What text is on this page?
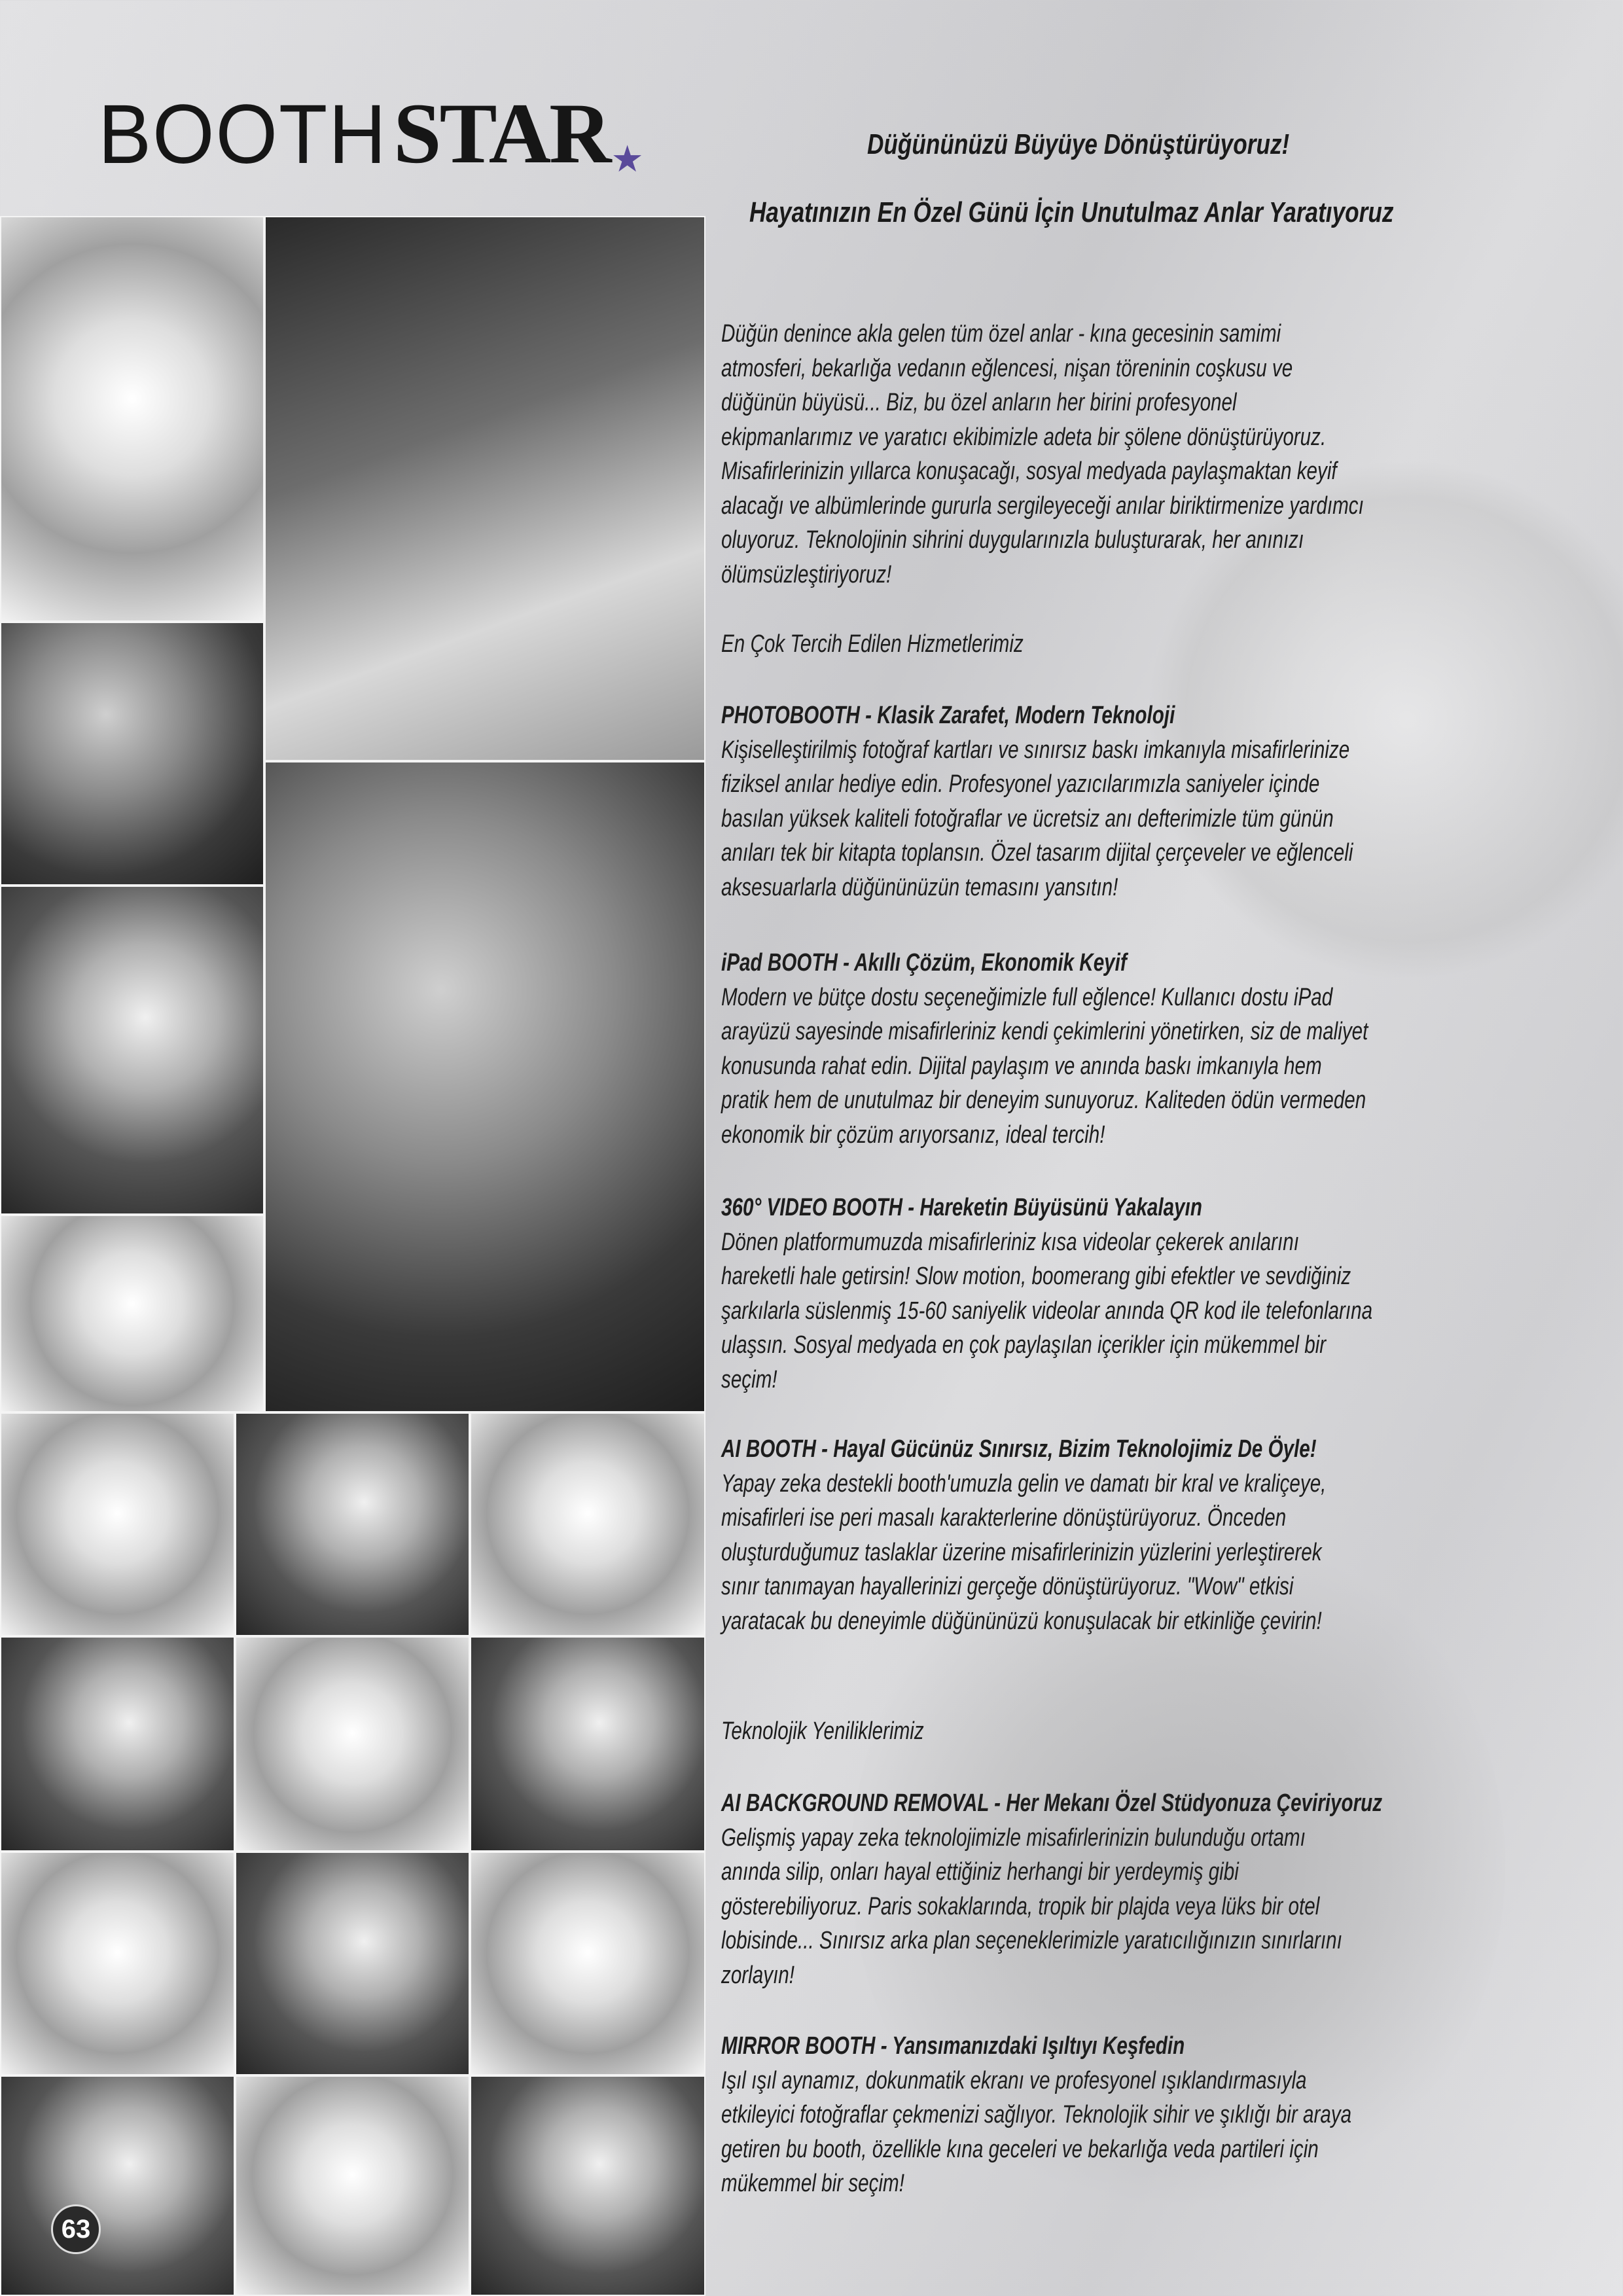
BOOTH STAR ★	Düğününüzü Büyüye Dönüştürüyoruz!
Hayatınızın En Özel Günü İçin Unutulmaz Anlar Yaratıyoruz
63
Düğün denince akla gelen tüm özel anlar - kına gecesinin samimi
atmosferi, bekarlığa vedanın eğlencesi, nişan töreninin coşkusu ve
düğünün büyüsü... Biz, bu özel anların her birini profesyonel
ekipmanlarımız ve yaratıcı ekibimizle adeta bir şölene dönüştürüyoruz.
Misafirlerinizin yıllarca konuşacağı, sosyal medyada paylaşmaktan keyif
alacağı ve albümlerinde gururla sergileyeceği anılar biriktirmenize yardımcı
oluyoruz. Teknolojinin sihrini duygularınızla buluşturarak, her anınızı
ölümsüzleştiriyoruz!
En Çok Tercih Edilen Hizmetlerimiz
PHOTOBOOTH - Klasik Zarafet, Modern Teknoloji
Kişiselleştirilmiş fotoğraf kartları ve sınırsız baskı imkanıyla misafirlerinize
fiziksel anılar hediye edin. Profesyonel yazıcılarımızla saniyeler içinde
basılan yüksek kaliteli fotoğraflar ve ücretsiz anı defterimizle tüm günün
anıları tek bir kitapta toplansın. Özel tasarım dijital çerçeveler ve eğlenceli
aksesuarlarla düğününüzün temasını yansıtın!
iPad BOOTH - Akıllı Çözüm, Ekonomik Keyif
Modern ve bütçe dostu seçeneğimizle full eğlence! Kullanıcı dostu iPad
arayüzü sayesinde misafirleriniz kendi çekimlerini yönetirken, siz de maliyet
konusunda rahat edin. Dijital paylaşım ve anında baskı imkanıyla hem
pratik hem de unutulmaz bir deneyim sunuyoruz. Kaliteden ödün vermeden
ekonomik bir çözüm arıyorsanız, ideal tercih!
360° VIDEO BOOTH - Hareketin Büyüsünü Yakalayın
Dönen platformumuzda misafirleriniz kısa videolar çekerek anılarını
hareketli hale getirsin! Slow motion, boomerang gibi efektler ve sevdiğiniz
şarkılarla süslenmiş 15-60 saniyelik videolar anında QR kod ile telefonlarına
ulaşsın. Sosyal medyada en çok paylaşılan içerikler için mükemmel bir
seçim!
AI BOOTH - Hayal Gücünüz Sınırsız, Bizim Teknolojimiz De Öyle!
Yapay zeka destekli booth'umuzla gelin ve damatı bir kral ve kraliçeye,
misafirleri ise peri masalı karakterlerine dönüştürüyoruz. Önceden
oluşturduğumuz taslaklar üzerine misafirlerinizin yüzlerini yerleştirerek
sınır tanımayan hayallerinizi gerçeğe dönüştürüyoruz. "Wow" etkisi
yaratacak bu deneyimle düğününüzü konuşulacak bir etkinliğe çevirin!
Teknolojik Yeniliklerimiz
AI BACKGROUND REMOVAL - Her Mekanı Özel Stüdyonuza Çeviriyoruz
Gelişmiş yapay zeka teknolojimizle misafirlerinizin bulunduğu ortamı
anında silip, onları hayal ettiğiniz herhangi bir yerdeymiş gibi
gösterebiliyoruz. Paris sokaklarında, tropik bir plajda veya lüks bir otel
lobisinde... Sınırsız arka plan seçeneklerimizle yaratıcılığınızın sınırlarını
zorlayın!
MIRROR BOOTH - Yansımanızdaki Işıltıyı Keşfedin
Işıl ışıl aynamız, dokunmatik ekranı ve profesyonel ışıklandırmasıyla
etkileyici fotoğraflar çekmenizi sağlıyor. Teknolojik sihir ve şıklığı bir araya
getiren bu booth, özellikle kına geceleri ve bekarlığa veda partileri için
mükemmel bir seçim!
